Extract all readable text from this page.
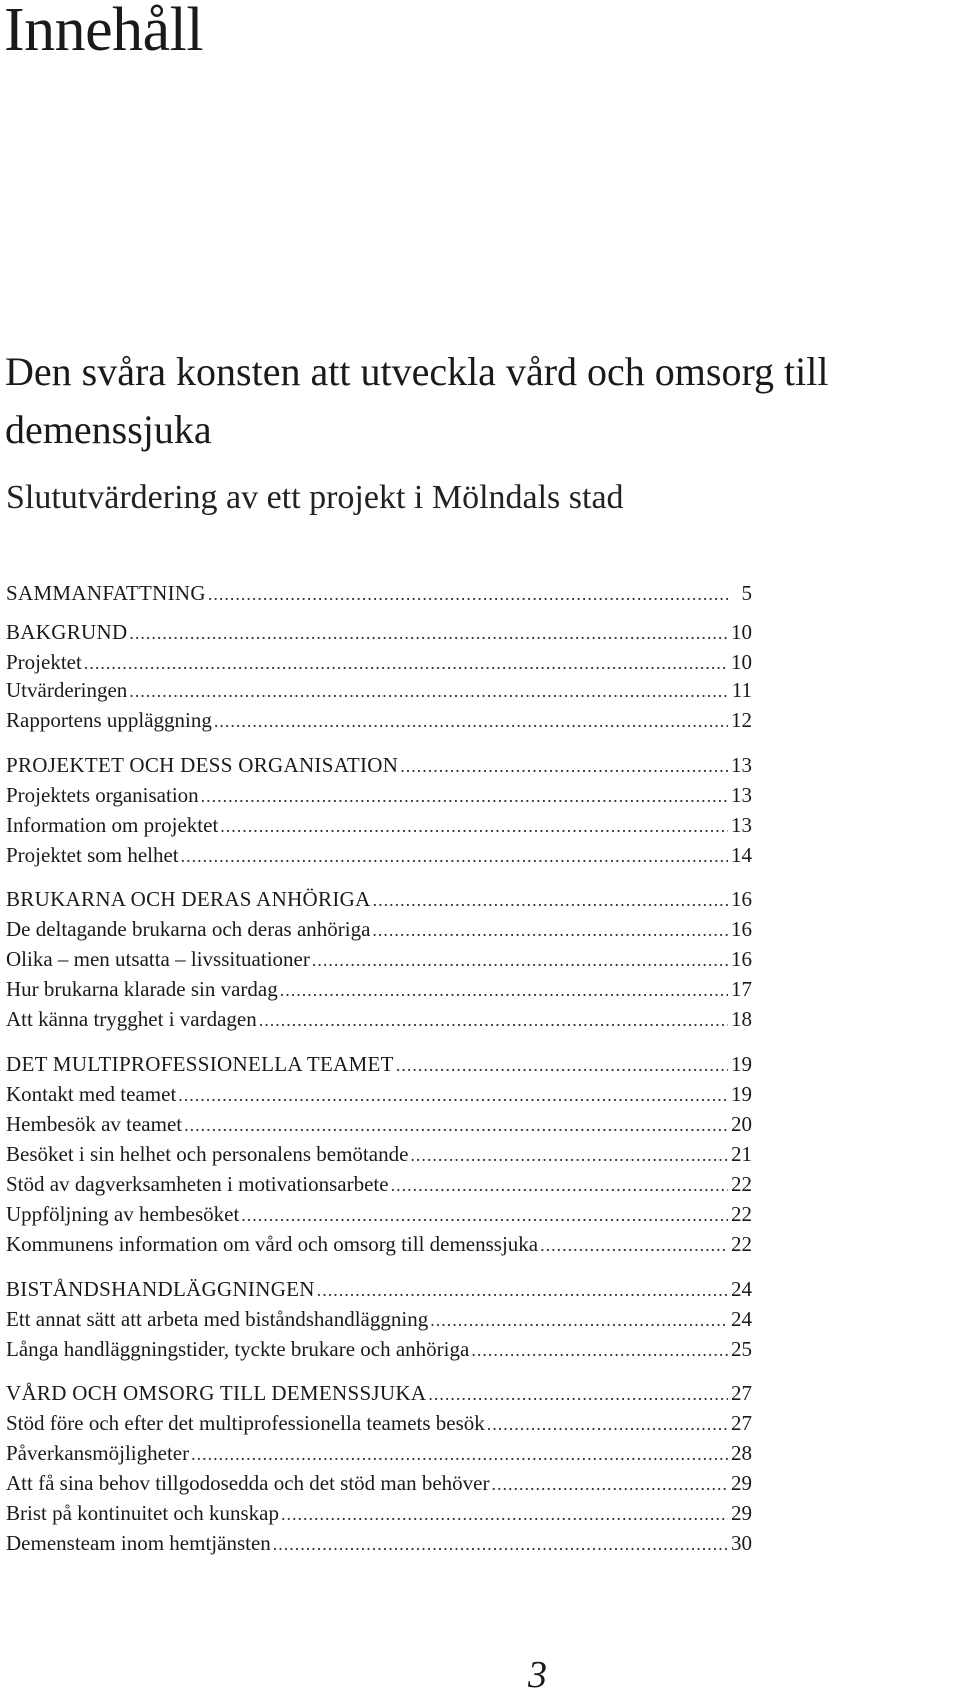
Innehåll
Den svåra konsten att utveckla vård och omsorg till demenssjuka
Slututvärdering av ett projekt i Mölndals stad
SAMMANFATTNING .....	5
BAKGRUND .....	10
Projektet .....	10
Utvärderingen .....	11
Rapportens uppläggning .....	12
PROJEKTET OCH DESS ORGANISATION .....	13
Projektets organisation .....	13
Information om projektet .....	13
Projektet som helhet .....	14
BRUKARNA OCH DERAS ANHÖRIGA .....	16
De deltagande brukarna och deras anhöriga .....	16
Olika – men utsatta – livssituationer .....	16
Hur brukarna klarade sin vardag .....	17
Att känna trygghet i vardagen .....	18
DET MULTIPROFESSIONELLA TEAMET .....	19
Kontakt med teamet .....	19
Hembesök av teamet .....	20
Besöket i sin helhet och personalens bemötande .....	21
Stöd av dagverksamheten i motivationsarbete .....	22
Uppföljning av hembesöket .....	22
Kommunens information om vård och omsorg till demenssjuka .....	22
BISTÅNDSHANDLÄGGNINGEN .....	24
Ett annat sätt att arbeta med biståndshandläggning .....	24
Långa handläggningstider, tyckte brukare och anhöriga .....	25
VÅRD OCH OMSORG TILL DEMENSSJUKA .....	27
Stöd före och efter det multiprofessionella teamets besök .....	27
Påverkansmöjligheter .....	28
Att få sina behov tillgodosedda och det stöd man behöver .....	29
Brist på kontinuitet och kunskap .....	29
Demensteam inom hemtjänsten .....	30
3
